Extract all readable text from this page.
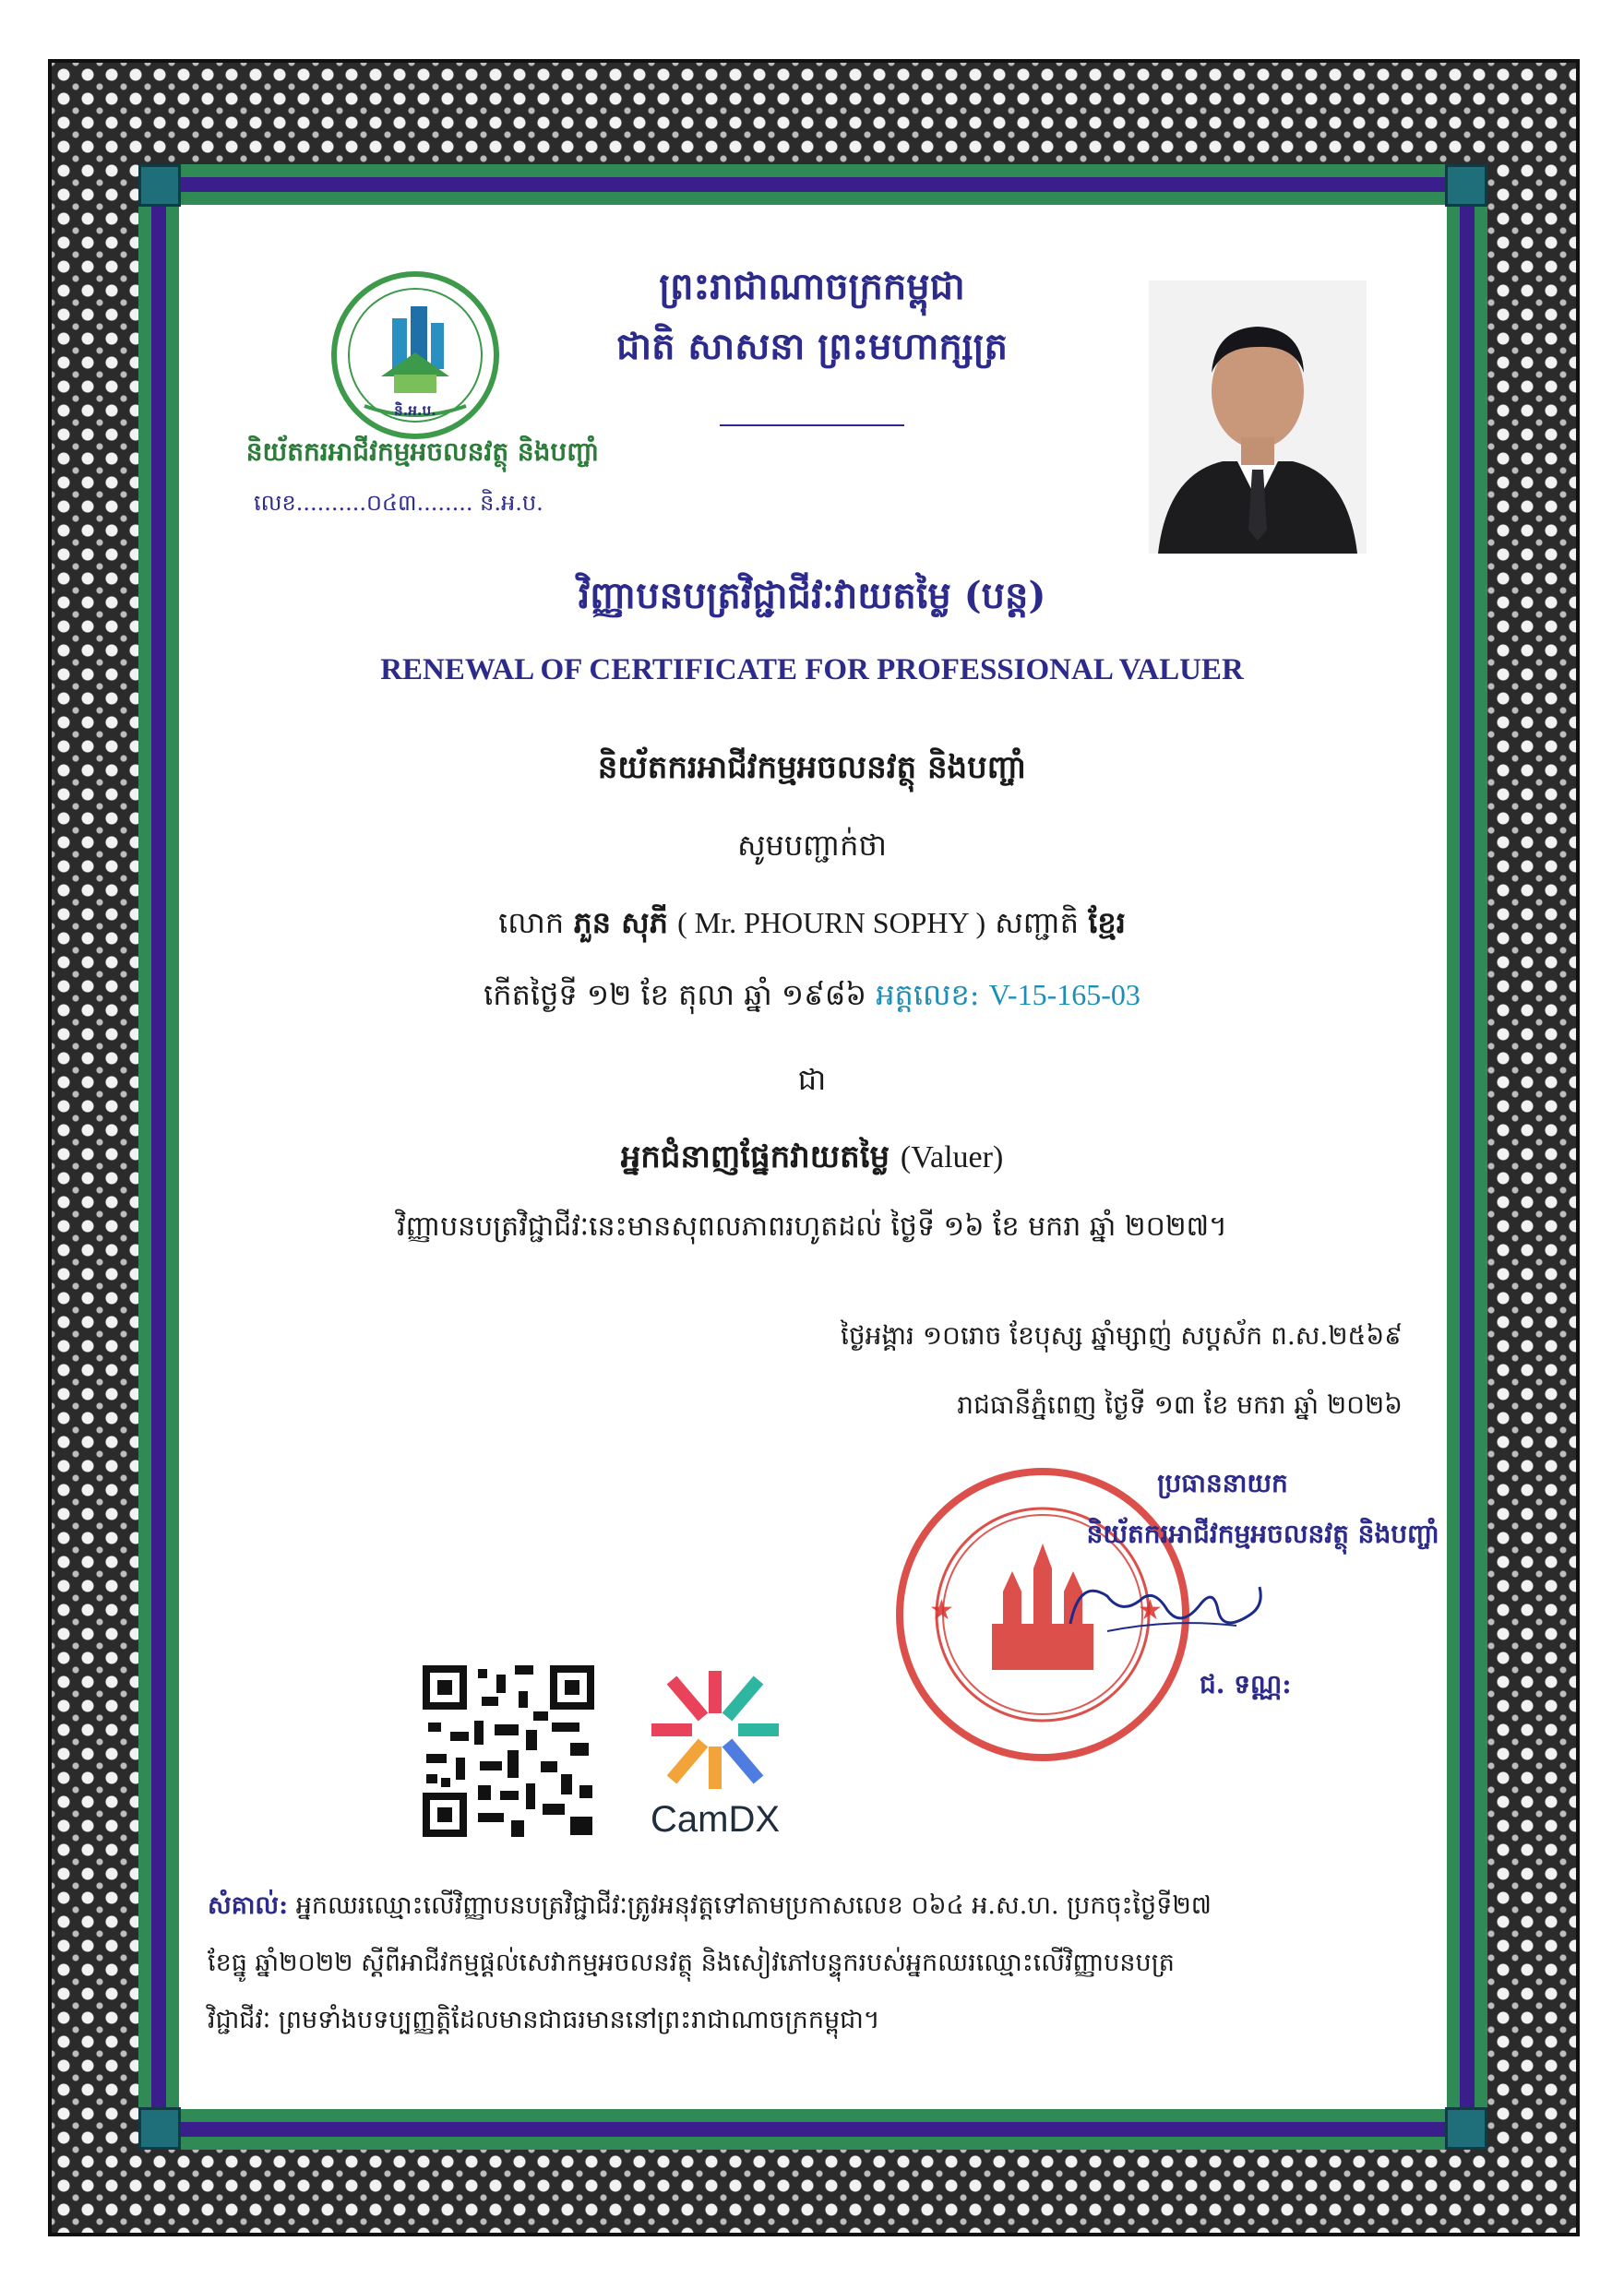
និ.អ.ប.
ព្រះរាជាណាចក្រកម្ពុជា
ជាតិ សាសនា ព្រះមហាក្សត្រ
និយ័តករអាជីវកម្មអចលនវត្ថុ និងបញ្ចាំ
លេខ..........០៤៣........ និ.អ.ប.
វិញ្ញាបនបត្រវិជ្ជាជីវៈវាយតម្លៃ (បន្ត)
RENEWAL OF CERTIFICATE FOR PROFESSIONAL VALUER
និយ័តករអាជីវកម្មអចលនវត្ថុ និងបញ្ចាំ
សូមបញ្ជាក់ថា
លោក ភួន សុភី ( Mr. PHOURN SOPHY ) សញ្ជាតិ ខ្មែរ
កើតថ្ងៃទី ១២ ខែ តុលា ឆ្នាំ ១៩៨៦ អត្តលេខ: V-15-165-03
ជា
អ្នកជំនាញផ្នែកវាយតម្លៃ (Valuer)
វិញ្ញាបនបត្រវិជ្ជាជីវៈនេះមានសុពលភាពរហូតដល់ ថ្ងៃទី ១៦ ខែ មករា ឆ្នាំ ២០២៧។
ថ្ងៃអង្គារ ១០រោច ខែបុស្ស ឆ្នាំម្សាញ់ សប្តស័ក ព.ស.២៥៦៩
រាជធានីភ្នំពេញ ថ្ងៃទី ១៣ ខែ មករា ឆ្នាំ ២០២៦
★	★
ប្រធាននាយក
និយ័តករអាជីវកម្មអចលនវត្ថុ និងបញ្ចាំ
ជ. ទណ្ណ:
CamDX
សំគាល់: អ្នកឈរឈ្មោះលើវិញ្ញាបនបត្រវិជ្ជាជីវៈត្រូវអនុវត្តទៅតាមប្រកាសលេខ ០៦៤ អ.ស.ហ. ប្រកចុះថ្ងៃទី២៧
ខែធ្នូ ឆ្នាំ២០២២ ស្តីពីអាជីវកម្មផ្តល់សេវាកម្មអចលនវត្ថុ និងសៀវភៅបន្ទុករបស់អ្នកឈរឈ្មោះលើវិញ្ញាបនបត្រ
វិជ្ជាជីវៈ ព្រមទាំងបទប្បញ្ញត្តិដែលមានជាធរមាននៅព្រះរាជាណាចក្រកម្ពុជា។
